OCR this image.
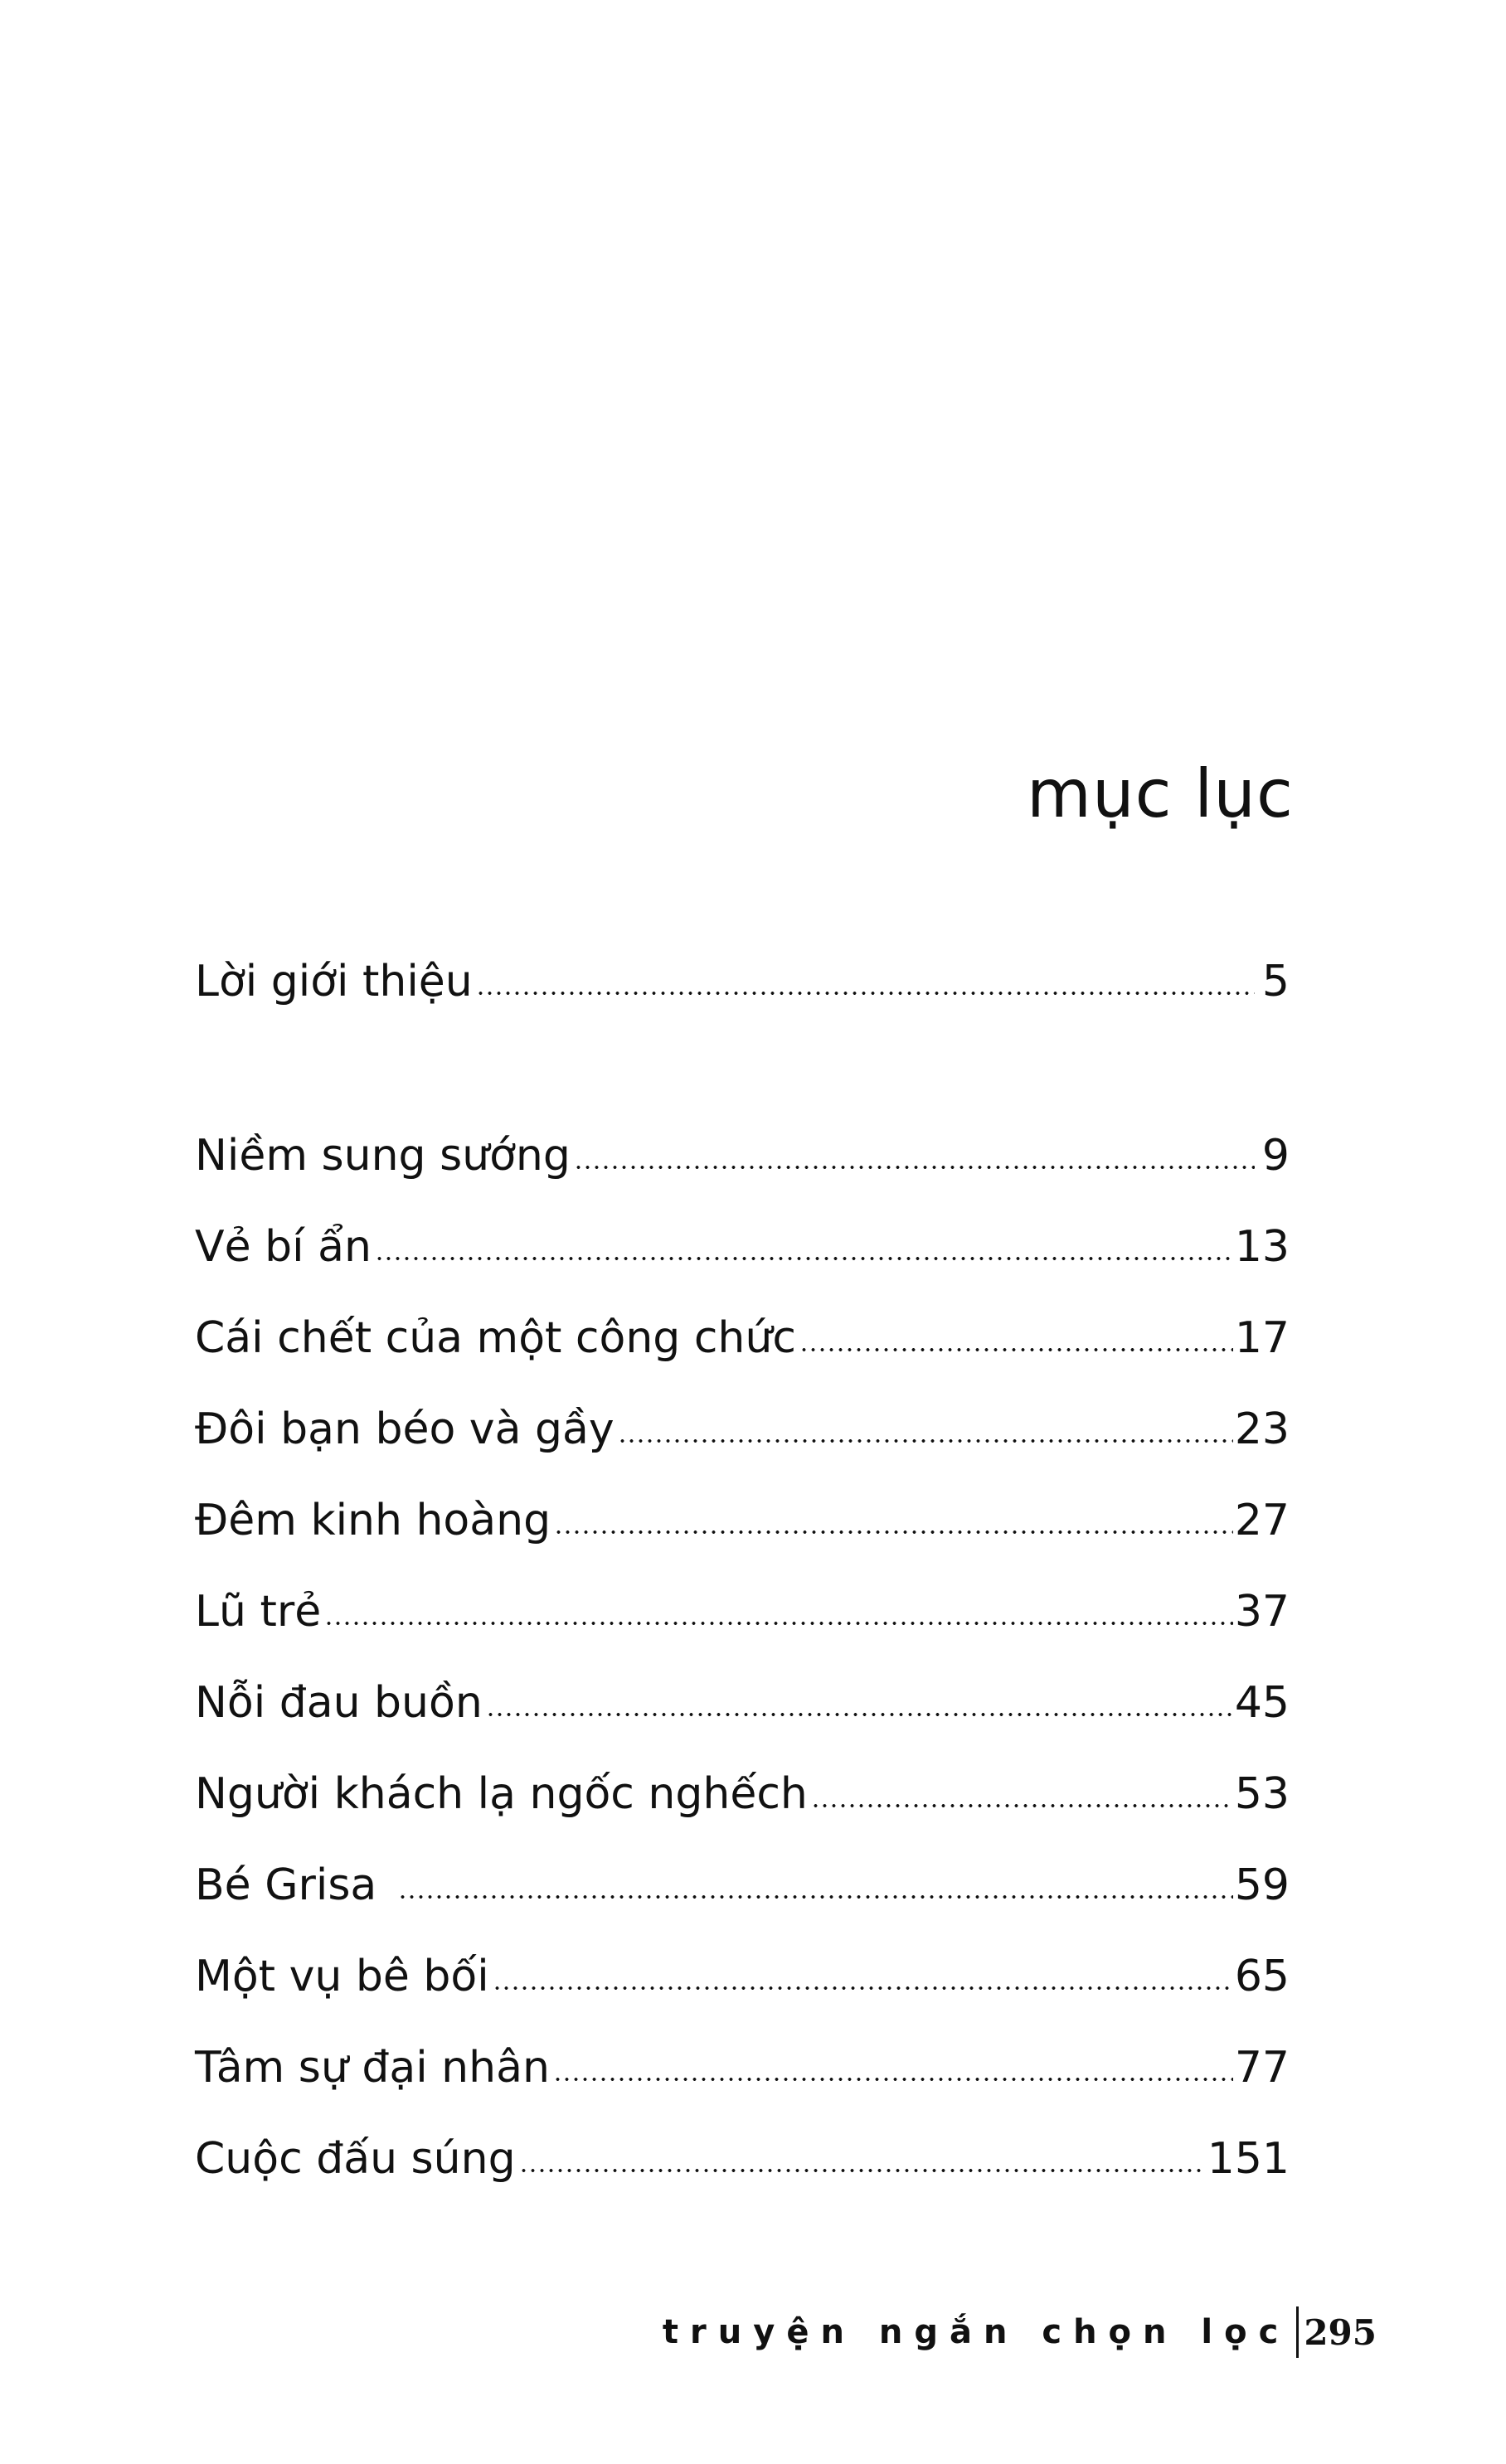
mục lục
Lời giới thiệu	5
Niềm sung sướng	9
Vẻ bí ẩn	13
Cái chết của một công chức	17
Đôi bạn béo và gầy	23
Đêm kinh hoàng	27
Lũ trẻ	37
Nỗi đau buồn	45
Người khách lạ ngốc nghếch	53
Bé Grisa	59
Một vụ bê bối	65
Tâm sự đại nhân	77
Cuộc đấu súng	151
truyện ngắn chọn lọc 295
